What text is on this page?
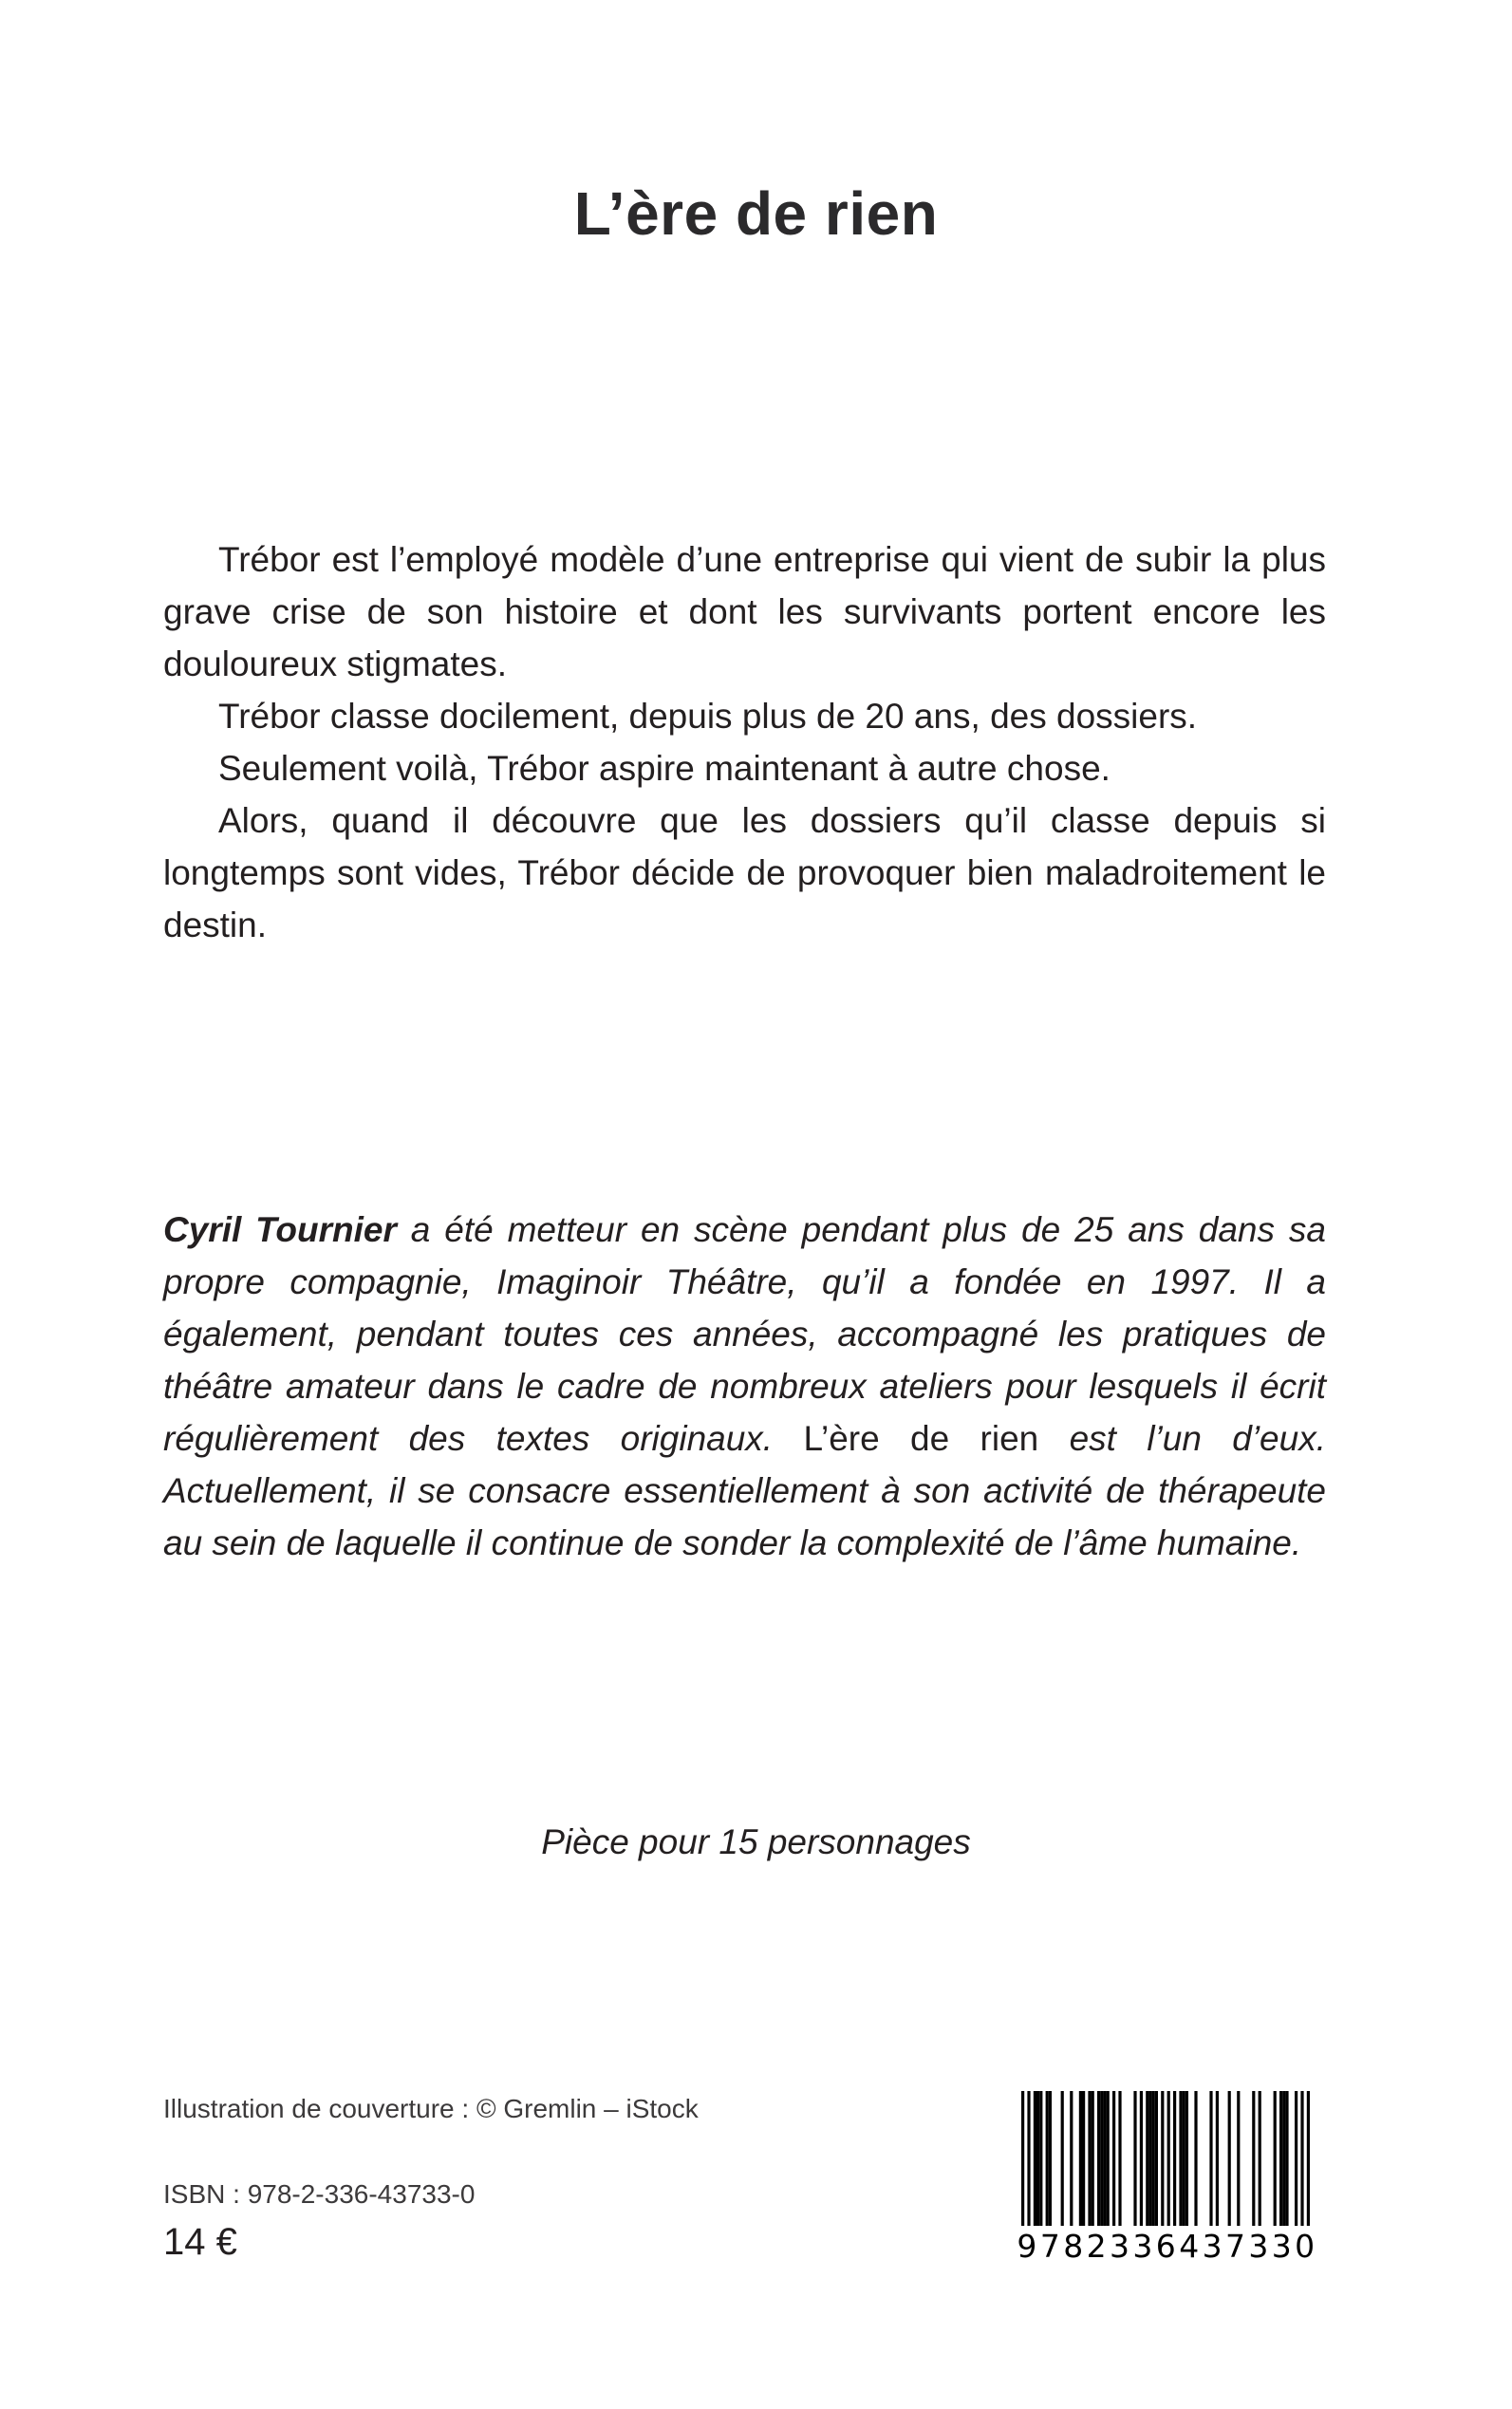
L’ère de rien

Trébor est l’employé modèle d’une entreprise qui vient de subir la plus grave crise de son histoire et dont les survivants portent encore les douloureux stigmates.

Trébor classe docilement, depuis plus de 20 ans, des dossiers.

Seulement voilà, Trébor aspire maintenant à autre chose.

Alors, quand il découvre que les dossiers qu’il classe depuis si longtemps sont vides, Trébor décide de provoquer bien maladroitement le destin.

Cyril Tournier a été metteur en scène pendant plus de 25 ans dans sa propre compagnie, Imaginoir Théâtre, qu’il a fondée en 1997. Il a également, pendant toutes ces années, accompagné les pratiques de théâtre amateur dans le cadre de nombreux ateliers pour lesquels il écrit régulièrement des textes originaux. L’ère de rien est l’un d’eux. Actuellement, il se consacre essentiellement à son activité de thérapeute au sein de laquelle il continue de sonder la complexité de l’âme humaine.

Pièce pour 15 personnages

Illustration de couverture : © Gremlin – iStock

ISBN : 978-2-336-43733-0

14 €	9782336437330
